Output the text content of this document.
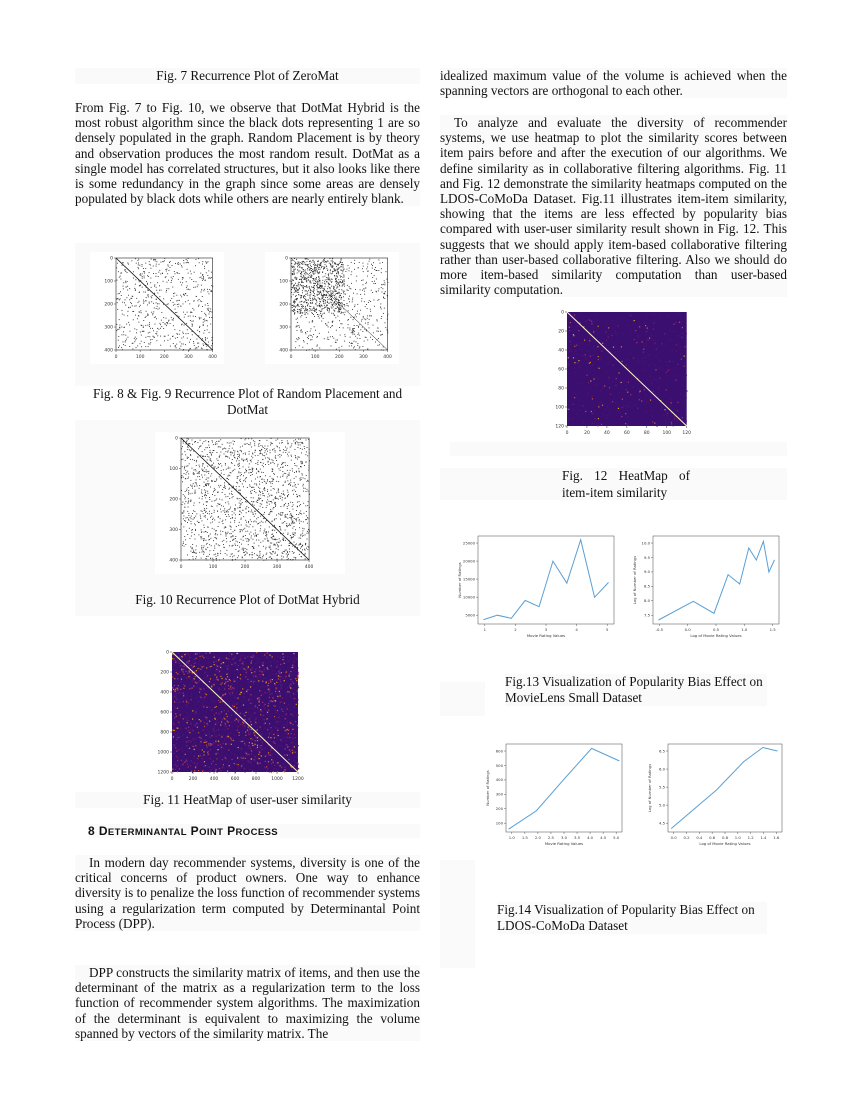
Fig. 7 Recurrence Plot of ZeroMat
From Fig. 7 to Fig. 10, we observe that DotMat Hybrid is the most robust algorithm since the black dots representing 1 are so densely populated in the graph. Random Placement is by theory and observation produces the most random result. DotMat as a single model has correlated structures, but it also looks like there is some redundancy in the graph since some areas are densely populated by black dots while others are nearly entirely blank.
0	100	200	300	400
0
100
200
300
400
0	100	200	300	400
0
100
200
300
400
Fig. 8 & Fig. 9 Recurrence Plot of Random Placement and DotMat
0	100	200	300	400
0
100
200
300
400
Fig. 10 Recurrence Plot of DotMat Hybrid
0	200	400	600	800 1000 1200
0
200
400
600
800
1000
1200
Fig. 11 HeatMap of user-user similarity
8 DETERMINANTAL POINT PROCESS
In modern day recommender systems, diversity is one of the critical concerns of product owners. One way to enhance diversity is to penalize the loss function of recommender systems using a regularization term computed by Determinantal Point Process (DPP).
DPP constructs the similarity matrix of items, and then use the determinant of the matrix as a regularization term to the loss function of recommender system algorithms. The maximization of the determinant is equivalent to maximizing the volume spanned by vectors of the similarity matrix. The
idealized maximum value of the volume is achieved when the spanning vectors are orthogonal to each other.
To analyze and evaluate the diversity of recommender systems, we use heatmap to plot the similarity scores between item pairs before and after the execution of our algorithms. We define similarity as in collaborative filtering algorithms. Fig. 11 and Fig. 12 demonstrate the similarity heatmaps computed on the LDOS-CoMoDa Dataset. Fig.11 illustrates item-item similarity, showing that the items are less effected by popularity bias compared with user-user similarity result shown in Fig. 12. This suggests that we should apply item-based collaborative filtering rather than user-based collaborative filtering. Also we should do more item-based similarity computation than user-based similarity computation.
0	20	40	60	80	100	120
0
20
40
60
80
100
120
Fig. 12 HeatMap of
item-item similarity
1	2	3	4	5
5000
10000
15000
20000
25000
Movie Rating Values
Number of Ratings
-0.5	0.0	0.5	1.0	1.5
7.5
8.0
8.5
9.0
9.5
10.0
Log of Movie Rating Values
Log of Number of Ratings
Fig.13 Visualization of Popularity Bias Effect on MovieLens Small Dataset
1.0 1.5 2.0 2.5 3.0 3.5 4.0 4.5 5.0
100
200
300
400
500
600
Movie Rating Values
Number of Ratings
0.0 0.2 0.4 0.6 0.8 1.0 1.2 1.4 1.6
4.5
5.0
5.5
6.0
6.5
Log of Movie Rating Values
Log of Number of Ratings
Fig.14 Visualization of Popularity Bias Effect on LDOS-CoMoDa Dataset
